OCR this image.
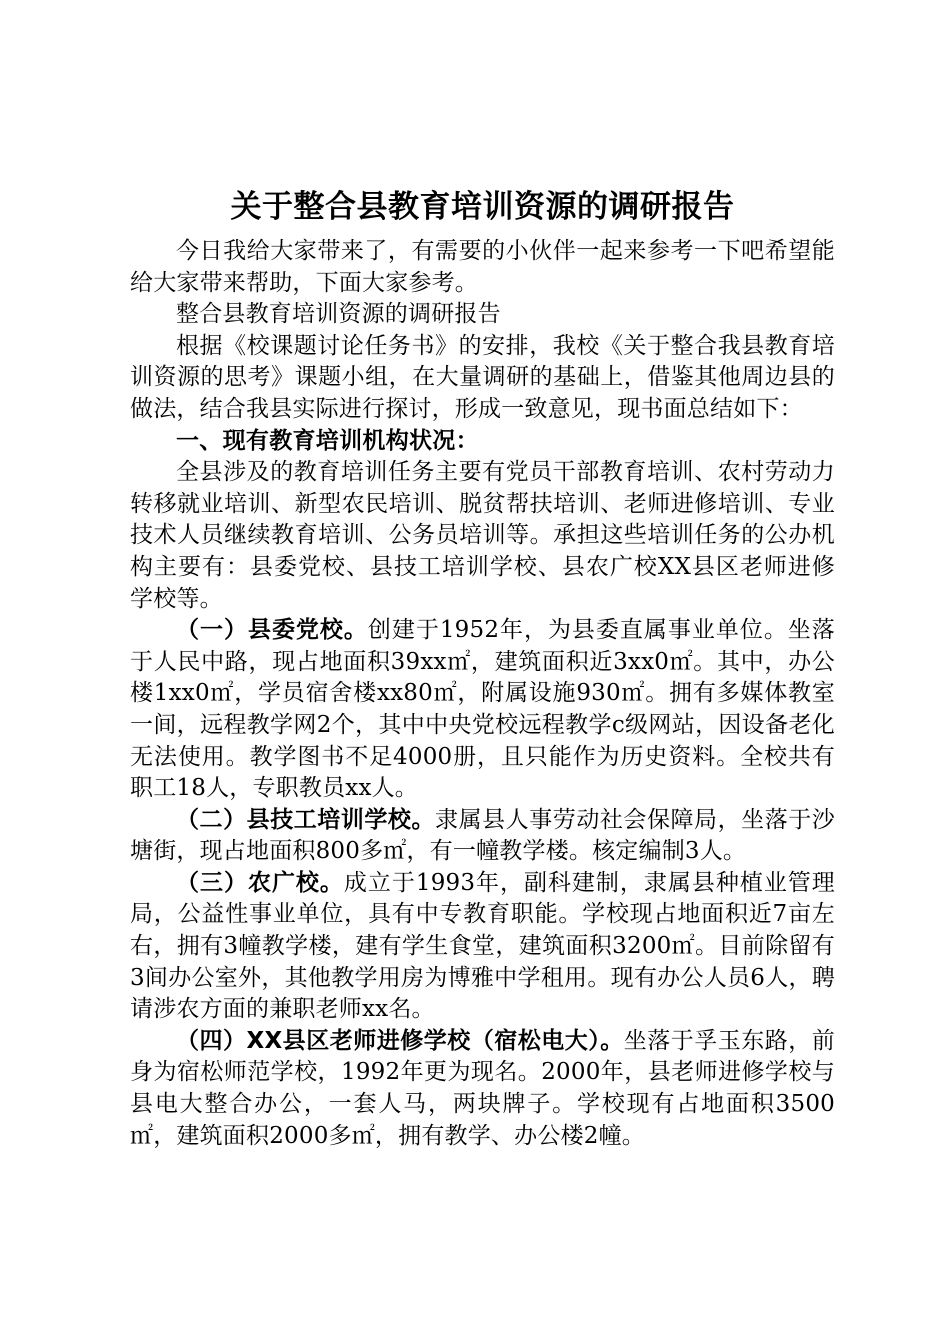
关于整合县教育培训资源的调研报告

今日我给大家带来了，有需要的小伙伴一起来参考一下吧希望能给大家带来帮助，下面大家参考。

整合县教育培训资源的调研报告

根据《校课题讨论任务书》的安排，我校《关于整合我县教育培训资源的思考》课题小组，在大量调研的基础上，借鉴其他周边县的做法，结合我县实际进行探讨，形成一致意见，现书面总结如下：

一、现有教育培训机构状况：

全县涉及的教育培训任务主要有党员干部教育培训、农村劳动力转移就业培训、新型农民培训、脱贫帮扶培训、老师进修培训、专业技术人员继续教育培训、公务员培训等。承担这些培训任务的公办机构主要有：县委党校、县技工培训学校、县农广校XX县区老师进修学校等。

（一）县委党校。创建于1952年，为县委直属事业单位。坐落于人民中路，现占地面积39xx㎡，建筑面积近3xx0㎡。其中，办公楼1xx0㎡，学员宿舍楼xx80㎡，附属设施930㎡。拥有多媒体教室一间，远程教学网2个，其中中央党校远程教学c级网站，因设备老化无法使用。教学图书不足4000册，且只能作为历史资料。全校共有职工18人，专职教员xx人。

（二）县技工培训学校。隶属县人事劳动社会保障局，坐落于沙塘街，现占地面积800多㎡，有一幢教学楼。核定编制3人。

（三）农广校。成立于1993年，副科建制，隶属县种植业管理局，公益性事业单位，具有中专教育职能。学校现占地面积近7亩左右，拥有3幢教学楼，建有学生食堂，建筑面积3200㎡。目前除留有3间办公室外，其他教学用房为博雅中学租用。现有办公人员6人，聘请涉农方面的兼职老师xx名。

（四）XX县区老师进修学校（宿松电大）。坐落于孚玉东路，前身为宿松师范学校，1992年更为现名。2000年，县老师进修学校与县电大整合办公，一套人马，两块牌子。学校现有占地面积3500㎡，建筑面积2000多㎡，拥有教学、办公楼2幢。
